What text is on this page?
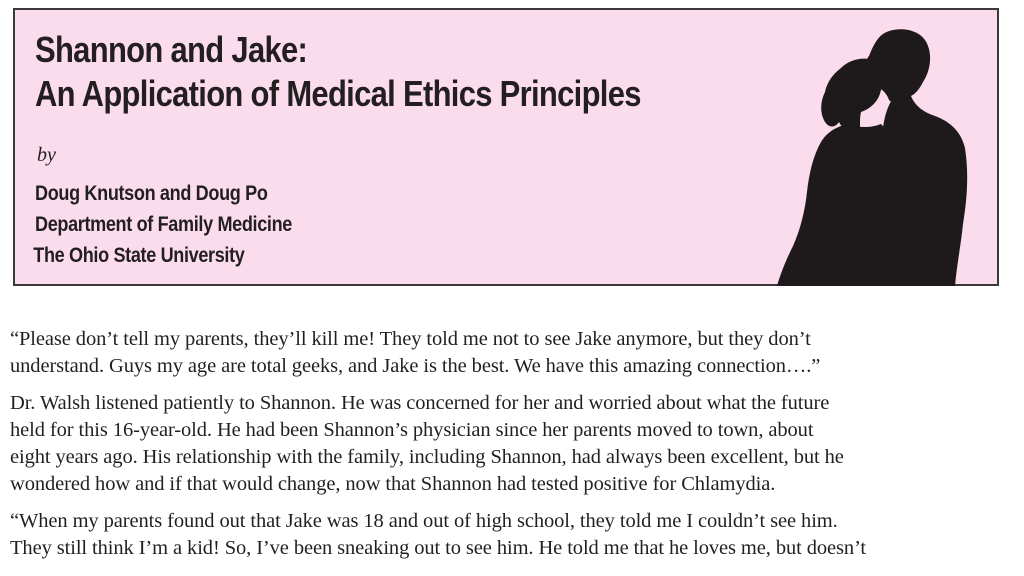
Shannon and Jake:
An Application of Medical Ethics Principles
by
Doug Knutson and Doug Po
Department of Family Medicine
The Ohio State University

“Please don’t tell my parents, they’ll kill me! They told me not to see Jake anymore, but they don’t
understand. Guys my age are total geeks, and Jake is the best. We have this amazing connection….”

Dr. Walsh listened patiently to Shannon. He was concerned for her and worried about what the future
held for this 16-year-old. He had been Shannon’s physician since her parents moved to town, about
eight years ago. His relationship with the family, including Shannon, had always been excellent, but he
wondered how and if that would change, now that Shannon had tested positive for Chlamydia.

“When my parents found out that Jake was 18 and out of high school, they told me I couldn’t see him.
They still think I’m a kid! So, I’ve been sneaking out to see him. He told me that he loves me, but doesn’t
